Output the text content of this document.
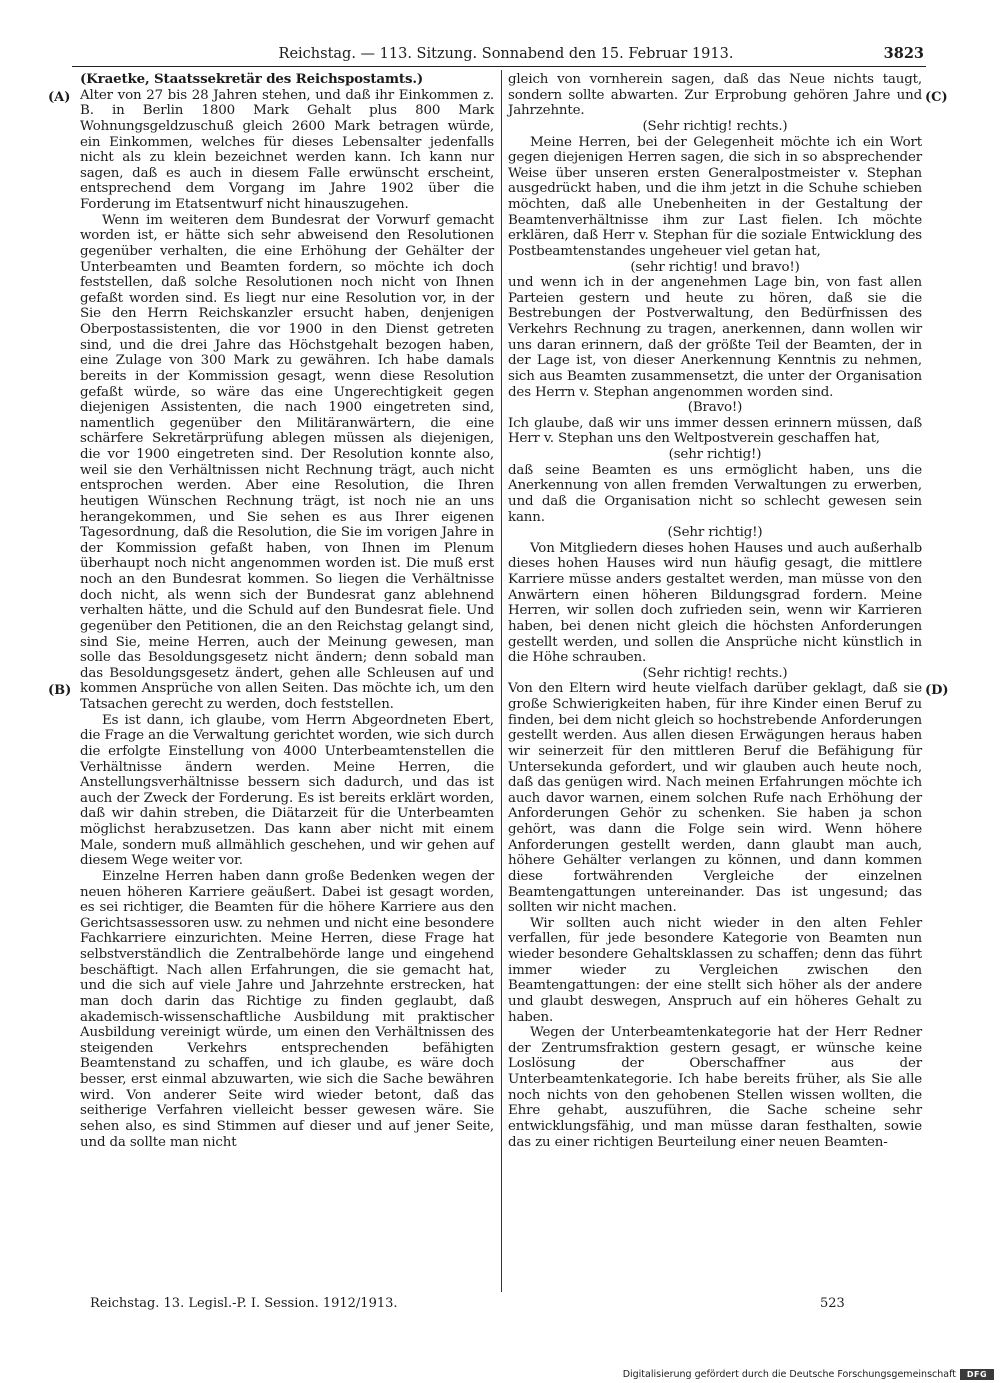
Reichstag. — 113. Sitzung. Sonnabend den 15. Februar 1913.	3823

(Kraetke, Staatssekretär des Reichspostamts.)

Alter von 27 bis 28 Jahren stehen, und daß ihr Einkommen z. B. in Berlin 1800 Mark Gehalt plus 800 Mark Wohnungsgeldzuschuß gleich 2600 Mark betragen würde, ein Einkommen, welches für dieses Lebensalter jedenfalls nicht als zu klein bezeichnet werden kann. Ich kann nur sagen, daß es auch in diesem Falle erwünscht erscheint, entsprechend dem Vorgang im Jahre 1902 über die Forderung im Etatsentwurf nicht hinauszugehen.

Wenn im weiteren dem Bundesrat der Vorwurf gemacht worden ist, er hätte sich sehr abweisend den Resolutionen gegenüber verhalten, die eine Erhöhung der Gehälter der Unterbeamten und Beamten fordern, so möchte ich doch feststellen, daß solche Resolutionen noch nicht von Ihnen gefaßt worden sind. Es liegt nur eine Resolution vor, in der Sie den Herrn Reichskanzler ersucht haben, denjenigen Oberpostassistenten, die vor 1900 in den Dienst getreten sind, und die drei Jahre das Höchstgehalt bezogen haben, eine Zulage von 300 Mark zu gewähren. Ich habe damals bereits in der Kommission gesagt, wenn diese Resolution gefaßt würde, so wäre das eine Ungerechtigkeit gegen diejenigen Assistenten, die nach 1900 eingetreten sind, namentlich gegenüber den Militäranwärtern, die eine schärfere Sekretärprüfung ablegen müssen als diejenigen, die vor 1900 eingetreten sind. Der Resolution konnte also, weil sie den Verhältnissen nicht Rechnung trägt, auch nicht entsprochen werden. Aber eine Resolution, die Ihren heutigen Wünschen Rechnung trägt, ist noch nie an uns herangekommen, und Sie sehen es aus Ihrer eigenen Tagesordnung, daß die Resolution, die Sie im vorigen Jahre in der Kommission gefaßt haben, von Ihnen im Plenum überhaupt noch nicht angenommen worden ist. Die muß erst noch an den Bundesrat kommen. So liegen die Verhältnisse doch nicht, als wenn sich der Bundesrat ganz ablehnend verhalten hätte, und die Schuld auf den Bundesrat fiele. Und gegenüber den Petitionen, die an den Reichstag gelangt sind, sind Sie, meine Herren, auch der Meinung gewesen, man solle das Besoldungsgesetz nicht ändern; denn sobald man das Besoldungsgesetz ändert, gehen alle Schleusen auf und kommen Ansprüche von allen Seiten. Das möchte ich, um den Tatsachen gerecht zu werden, doch feststellen.

Es ist dann, ich glaube, vom Herrn Abgeordneten Ebert, die Frage an die Verwaltung gerichtet worden, wie sich durch die erfolgte Einstellung von 4000 Unterbeamtenstellen die Verhältnisse ändern werden. Meine Herren, die Anstellungsverhältnisse bessern sich dadurch, und das ist auch der Zweck der Forderung. Es ist bereits erklärt worden, daß wir dahin streben, die Diätarzeit für die Unterbeamten möglichst herabzusetzen. Das kann aber nicht mit einem Male, sondern muß allmählich geschehen, und wir gehen auf diesem Wege weiter vor.

Einzelne Herren haben dann große Bedenken wegen der neuen höheren Karriere geäußert. Dabei ist gesagt worden, es sei richtiger, die Beamten für die höhere Karriere aus den Gerichtsassessoren usw. zu nehmen und nicht eine besondere Fachkarriere einzurichten. Meine Herren, diese Frage hat selbstverständlich die Zentralbehörde lange und eingehend beschäftigt. Nach allen Erfahrungen, die sie gemacht hat, und die sich auf viele Jahre und Jahrzehnte erstrecken, hat man doch darin das Richtige zu finden geglaubt, daß akademisch-wissenschaftliche Ausbildung mit praktischer Ausbildung vereinigt würde, um einen den Verhältnissen des steigenden Verkehrs entsprechenden befähigten Beamtenstand zu schaffen, und ich glaube, es wäre doch besser, erst einmal abzuwarten, wie sich die Sache bewähren wird. Von anderer Seite wird wieder betont, daß das seitherige Verfahren vielleicht besser gewesen wäre. Sie sehen also, es sind Stimmen auf dieser und auf jener Seite, und da sollte man nicht

gleich von vornherein sagen, daß das Neue nichts taugt, sondern sollte abwarten. Zur Erprobung gehören Jahre und Jahrzehnte.

(Sehr richtig! rechts.)

Meine Herren, bei der Gelegenheit möchte ich ein Wort gegen diejenigen Herren sagen, die sich in so absprechender Weise über unseren ersten Generalpostmeister v. Stephan ausgedrückt haben, und die ihm jetzt in die Schuhe schieben möchten, daß alle Unebenheiten in der Gestaltung der Beamtenverhältnisse ihm zur Last fielen. Ich möchte erklären, daß Herr v. Stephan für die soziale Entwicklung des Postbeamtenstandes ungeheuer viel getan hat,

(sehr richtig! und bravo!)

und wenn ich in der angenehmen Lage bin, von fast allen Parteien gestern und heute zu hören, daß sie die Bestrebungen der Postverwaltung, den Bedürfnissen des Verkehrs Rechnung zu tragen, anerkennen, dann wollen wir uns daran erinnern, daß der größte Teil der Beamten, der in der Lage ist, von dieser Anerkennung Kenntnis zu nehmen, sich aus Beamten zusammensetzt, die unter der Organisation des Herrn v. Stephan angenommen worden sind.

(Bravo!)

Ich glaube, daß wir uns immer dessen erinnern müssen, daß Herr v. Stephan uns den Weltpostverein geschaffen hat,

(sehr richtig!)

daß seine Beamten es uns ermöglicht haben, uns die Anerkennung von allen fremden Verwaltungen zu erwerben, und daß die Organisation nicht so schlecht gewesen sein kann.

(Sehr richtig!)

Von Mitgliedern dieses hohen Hauses und auch außerhalb dieses hohen Hauses wird nun häufig gesagt, die mittlere Karriere müsse anders gestaltet werden, man müsse von den Anwärtern einen höheren Bildungsgrad fordern. Meine Herren, wir sollen doch zufrieden sein, wenn wir Karrieren haben, bei denen nicht gleich die höchsten Anforderungen gestellt werden, und sollen die Ansprüche nicht künstlich in die Höhe schrauben.

(Sehr richtig! rechts.)

Von den Eltern wird heute vielfach darüber geklagt, daß sie große Schwierigkeiten haben, für ihre Kinder einen Beruf zu finden, bei dem nicht gleich so hochstrebende Anforderungen gestellt werden. Aus allen diesen Erwägungen heraus haben wir seinerzeit für den mittleren Beruf die Befähigung für Untersekunda gefordert, und wir glauben auch heute noch, daß das genügen wird. Nach meinen Erfahrungen möchte ich auch davor warnen, einem solchen Rufe nach Erhöhung der Anforderungen Gehör zu schenken. Sie haben ja schon gehört, was dann die Folge sein wird. Wenn höhere Anforderungen gestellt werden, dann glaubt man auch, höhere Gehälter verlangen zu können, und dann kommen diese fortwährenden Vergleiche der einzelnen Beamtengattungen untereinander. Das ist ungesund; das sollten wir nicht machen.

Wir sollten auch nicht wieder in den alten Fehler verfallen, für jede besondere Kategorie von Beamten nun wieder besondere Gehaltsklassen zu schaffen; denn das führt immer wieder zu Vergleichen zwischen den Beamtengattungen: der eine stellt sich höher als der andere und glaubt deswegen, Anspruch auf ein höheres Gehalt zu haben.

Wegen der Unterbeamtenkategorie hat der Herr Redner der Zentrumsfraktion gestern gesagt, er wünsche keine Loslösung der Oberschaffner aus der Unterbeamtenkategorie. Ich habe bereits früher, als Sie alle noch nichts von den gehobenen Stellen wissen wollten, die Ehre gehabt, auszuführen, die Sache scheine sehr entwicklungsfähig, und man müsse daran festhalten, sowie das zu einer richtigen Beurteilung einer neuen Beamten-

(A)
(B)
(C)
(D)
Reichstag. 13. Legisl.-P. I. Session. 1912/1913.	523
Digitalisierung gefördert durch die Deutsche Forschungsgemeinschaft	DFG
